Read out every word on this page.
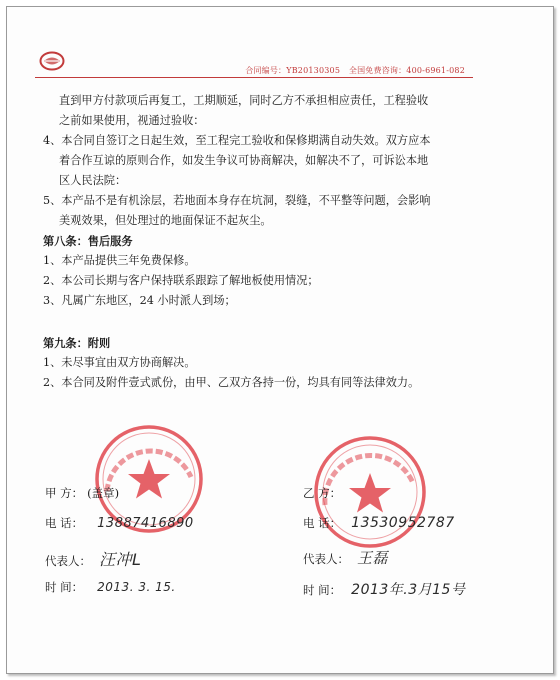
合同编号：YB20130305 全国免费咨询：400-6961-082

直到甲方付款项后再复工，工期顺延，同时乙方不承担相应责任，工程验收

之前如果使用，视通过验收：

4、本合同自签订之日起生效，至工程完工验收和保修期满自动失效。双方应本

着合作互谅的原则合作，如发生争议可协商解决，如解决不了，可诉讼本地

区人民法院：

5、本产品不是有机涂层，若地面本身存在坑洞，裂缝，不平整等问题，会影响

美观效果，但处理过的地面保证不起灰尘。

第八条：售后服务

1、本产品提供三年免费保修。

2、本公司长期与客户保持联系跟踪了解地板使用情况；

3、凡属广东地区，24 小时派人到场；

第九条：附则

1、未尽事宜由双方协商解决。

2、本合同及附件壹式贰份，由甲、乙双方各持一份，均具有同等法律效力。

甲 方： (盖章)
电 话： 13887416890
代表人： 汪冲L
时 间： 2013. 3. 15.
乙 方：
电 话： 13530952787
代表人： 王磊
时 间： 2013年.3月15号
